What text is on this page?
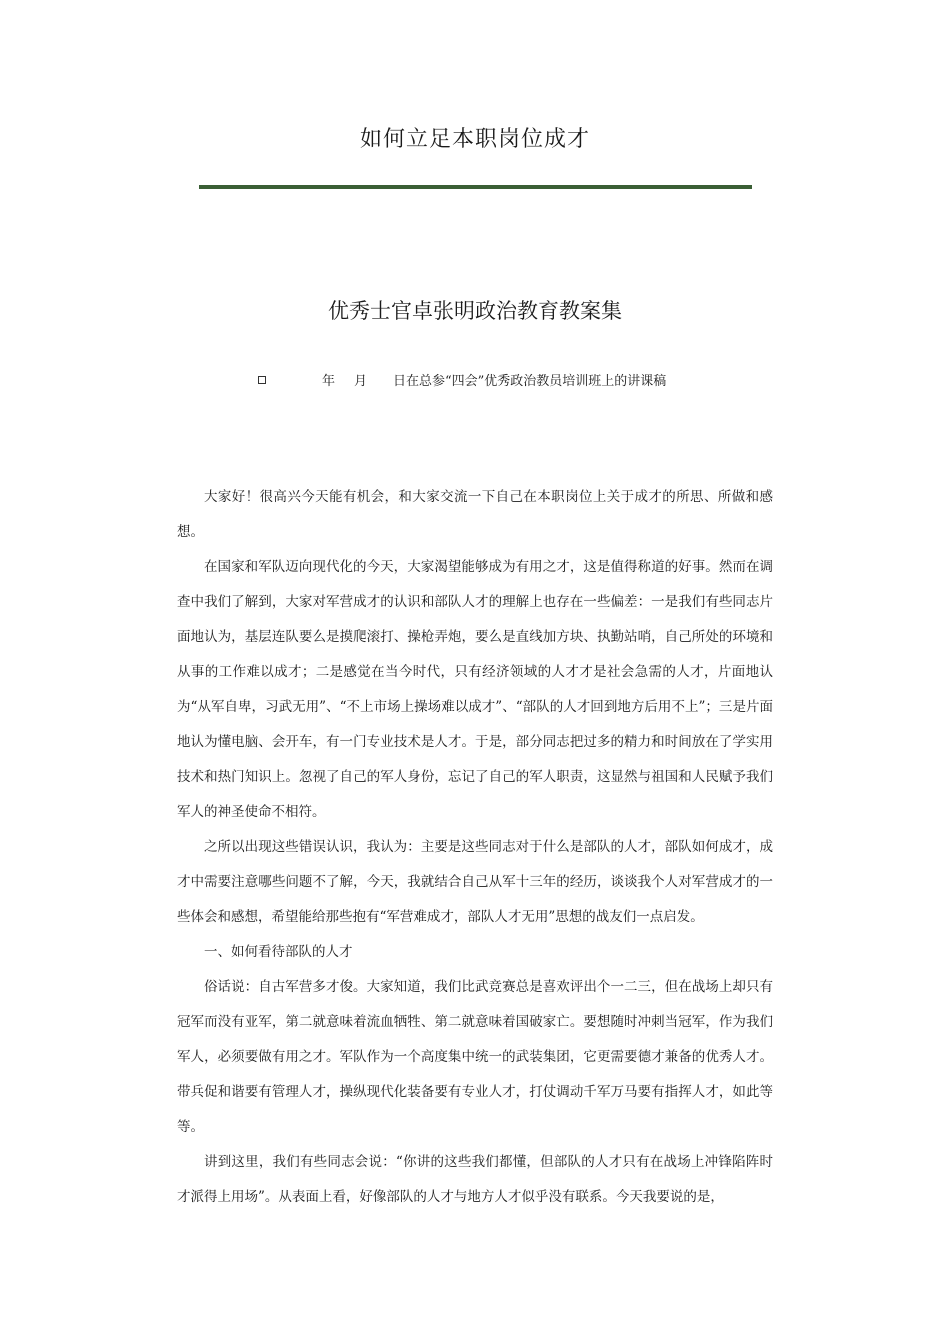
如何立足本职岗位成才
优秀士官卓张明政治教育教案集
年 月 日在总参“四会”优秀政治教员培训班上的讲课稿

大家好！很高兴今天能有机会，和大家交流一下自己在本职岗位上关于成才的所思、所做和感想。

在国家和军队迈向现代化的今天，大家渴望能够成为有用之才，这是值得称道的好事。然而在调查中我们了解到，大家对军营成才的认识和部队人才的理解上也存在一些偏差：一是我们有些同志片面地认为，基层连队要么是摸爬滚打、操枪弄炮，要么是直线加方块、执勤站哨，自己所处的环境和从事的工作难以成才；二是感觉在当今时代，只有经济领域的人才才是社会急需的人才，片面地认为“从军自卑，习武无用”、“不上市场上操场难以成才”、“部队的人才回到地方后用不上”；三是片面地认为懂电脑、会开车，有一门专业技术是人才。于是，部分同志把过多的精力和时间放在了学实用技术和热门知识上。忽视了自己的军人身份，忘记了自己的军人职责，这显然与祖国和人民赋予我们军人的神圣使命不相符。

之所以出现这些错误认识，我认为：主要是这些同志对于什么是部队的人才，部队如何成才，成才中需要注意哪些问题不了解，今天，我就结合自己从军十三年的经历，谈谈我个人对军营成才的一些体会和感想，希望能给那些抱有“军营难成才，部队人才无用”思想的战友们一点启发。

一、如何看待部队的人才

俗话说：自古军营多才俊。大家知道，我们比武竞赛总是喜欢评出个一二三，但在战场上却只有冠军而没有亚军，第二就意味着流血牺牲、第二就意味着国破家亡。要想随时冲刺当冠军，作为我们军人，必须要做有用之才。军队作为一个高度集中统一的武装集团，它更需要德才兼备的优秀人才。带兵促和谐要有管理人才，操纵现代化装备要有专业人才，打仗调动千军万马要有指挥人才，如此等等。

讲到这里，我们有些同志会说：“你讲的这些我们都懂，但部队的人才只有在战场上冲锋陷阵时才派得上用场”。从表面上看，好像部队的人才与地方人才似乎没有联系。今天我要说的是，
